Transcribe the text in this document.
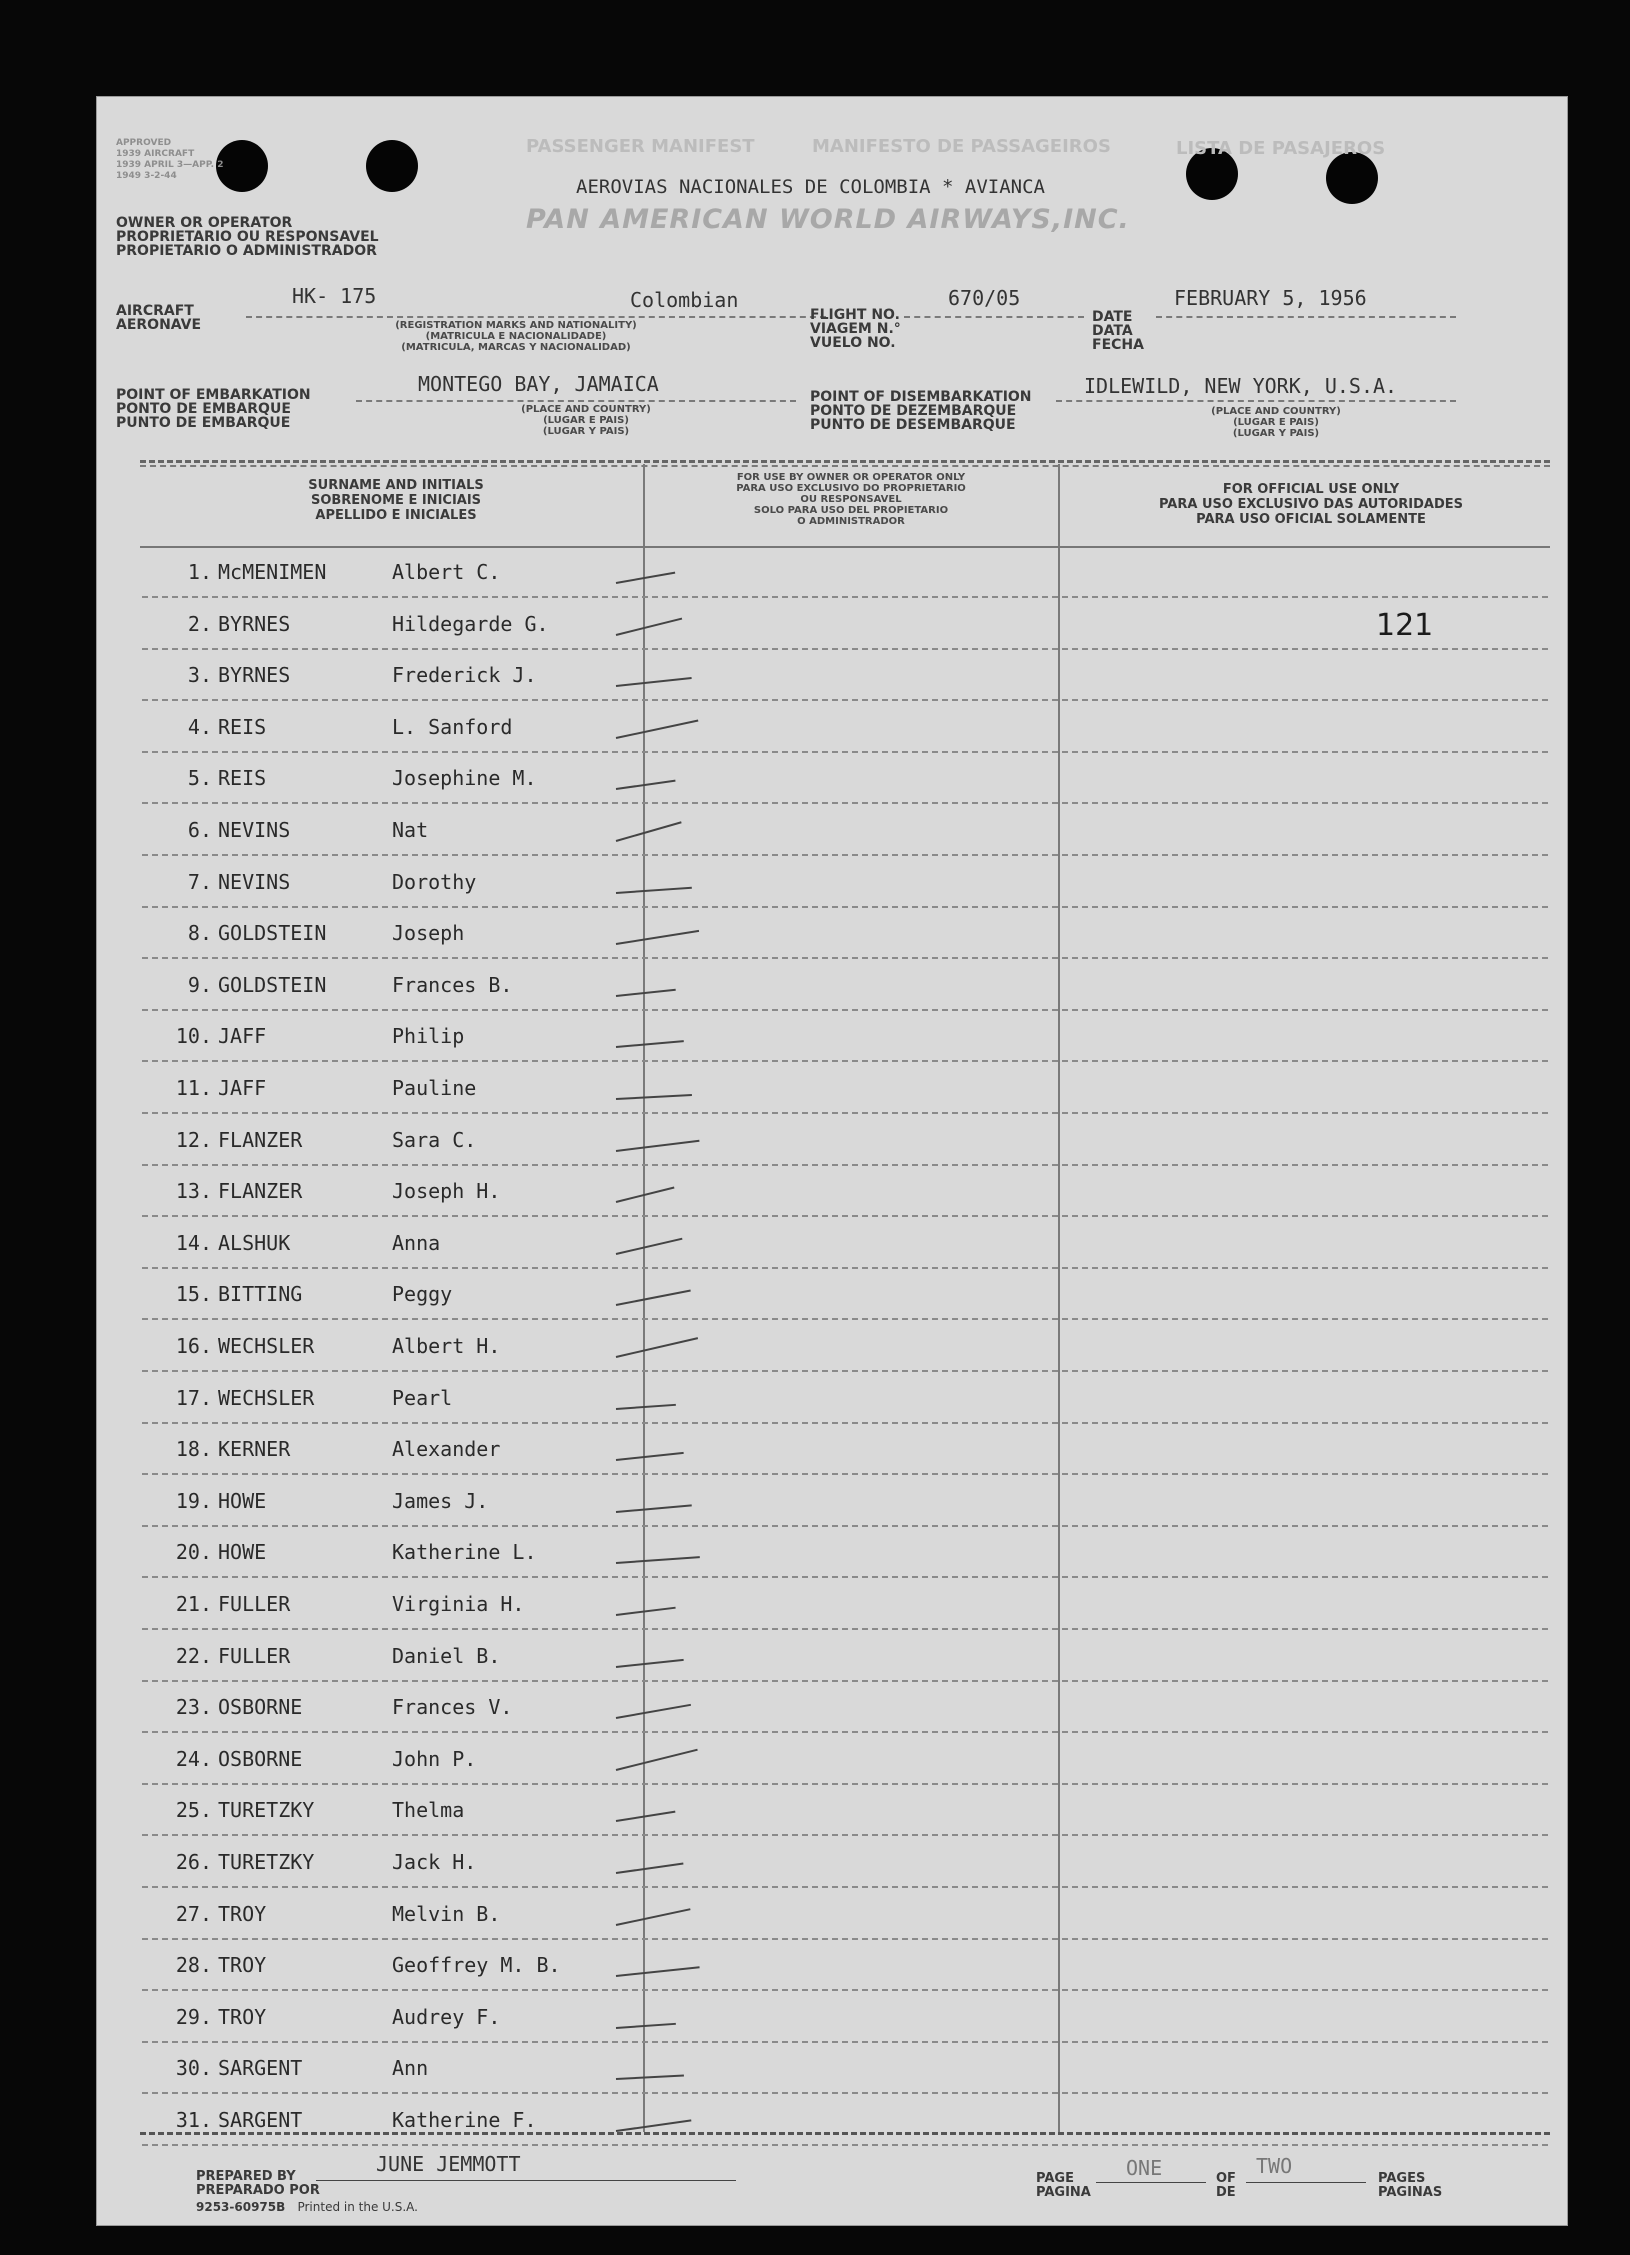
APPROVED
1939 AIRCRAFT
1939 APRIL 3—APP. 2
1949 3-2-44
PASSENGER MANIFEST	MANIFESTO DE PASSAGEIROS	LISTA DE PASAJEROS
AEROVIAS NACIONALES DE COLOMBIA * AVIANCA
PAN AMERICAN WORLD AIRWAYS,INC.
OWNER OR OPERATOR
PROPRIETARIO OU RESPONSAVEL
PROPIETARIO O ADMINISTRADOR
AIRCRAFT
AERONAVE
HK- 175	Colombian
(REGISTRATION MARKS AND NATIONALITY)
(MATRICULA E NACIONALIDADE)
(MATRICULA, MARCAS Y NACIONALIDAD)
FLIGHT NO.
VIAGEM N.°
VUELO NO.
670/05
DATE
DATA
FECHA
FEBRUARY 5, 1956
POINT OF EMBARKATION
PONTO DE EMBARQUE
PUNTO DE EMBARQUE
MONTEGO BAY, JAMAICA
(PLACE AND COUNTRY)
(LUGAR E PAIS)
(LUGAR Y PAIS)
POINT OF DISEMBARKATION
PONTO DE DEZEMBARQUE
PUNTO DE DESEMBARQUE
IDLEWILD, NEW YORK, U.S.A.
(PLACE AND COUNTRY)
(LUGAR E PAIS)
(LUGAR Y PAIS)
SURNAME AND INITIALS
SOBRENOME E INICIAIS
APELLIDO E INICIALES
FOR USE BY OWNER OR OPERATOR ONLY
PARA USO EXCLUSIVO DO PROPRIETARIO
OU RESPONSAVEL
SOLO PARA USO DEL PROPIETARIO
O ADMINISTRADOR
FOR OFFICIAL USE ONLY
PARA USO EXCLUSIVO DAS AUTORIDADES
PARA USO OFICIAL SOLAMENTE
1. McMENIMEN	Albert C.
2. BYRNES	Hildegarde G.
3. BYRNES	Frederick J.
4. REIS	L. Sanford
5. REIS	Josephine M.
6. NEVINS	Nat
7. NEVINS	Dorothy
8. GOLDSTEIN	Joseph
9. GOLDSTEIN	Frances B.
10. JAFF	Philip
11. JAFF	Pauline
12. FLANZER	Sara C.
13. FLANZER	Joseph H.
14. ALSHUK	Anna
15. BITTING	Peggy
16. WECHSLER	Albert H.
17. WECHSLER	Pearl
18. KERNER	Alexander
19. HOWE	James J.
20. HOWE	Katherine L.
21. FULLER	Virginia H.
22. FULLER	Daniel B.
23. OSBORNE	Frances V.
24. OSBORNE	John P.
25. TURETZKY	Thelma
26. TURETZKY	Jack H.
27. TROY	Melvin B.
28. TROY	Geoffrey M. B.
29. TROY	Audrey F.
30. SARGENT	Ann
31. SARGENT	Katherine F.
121
PREPARED BY
PREPARADO POR
JUNE JEMMOTT
9253-60975B Printed in the U.S.A.
PAGE
PAGINA
ONE	OF
DE
TWO
PAGES
PAGINAS
